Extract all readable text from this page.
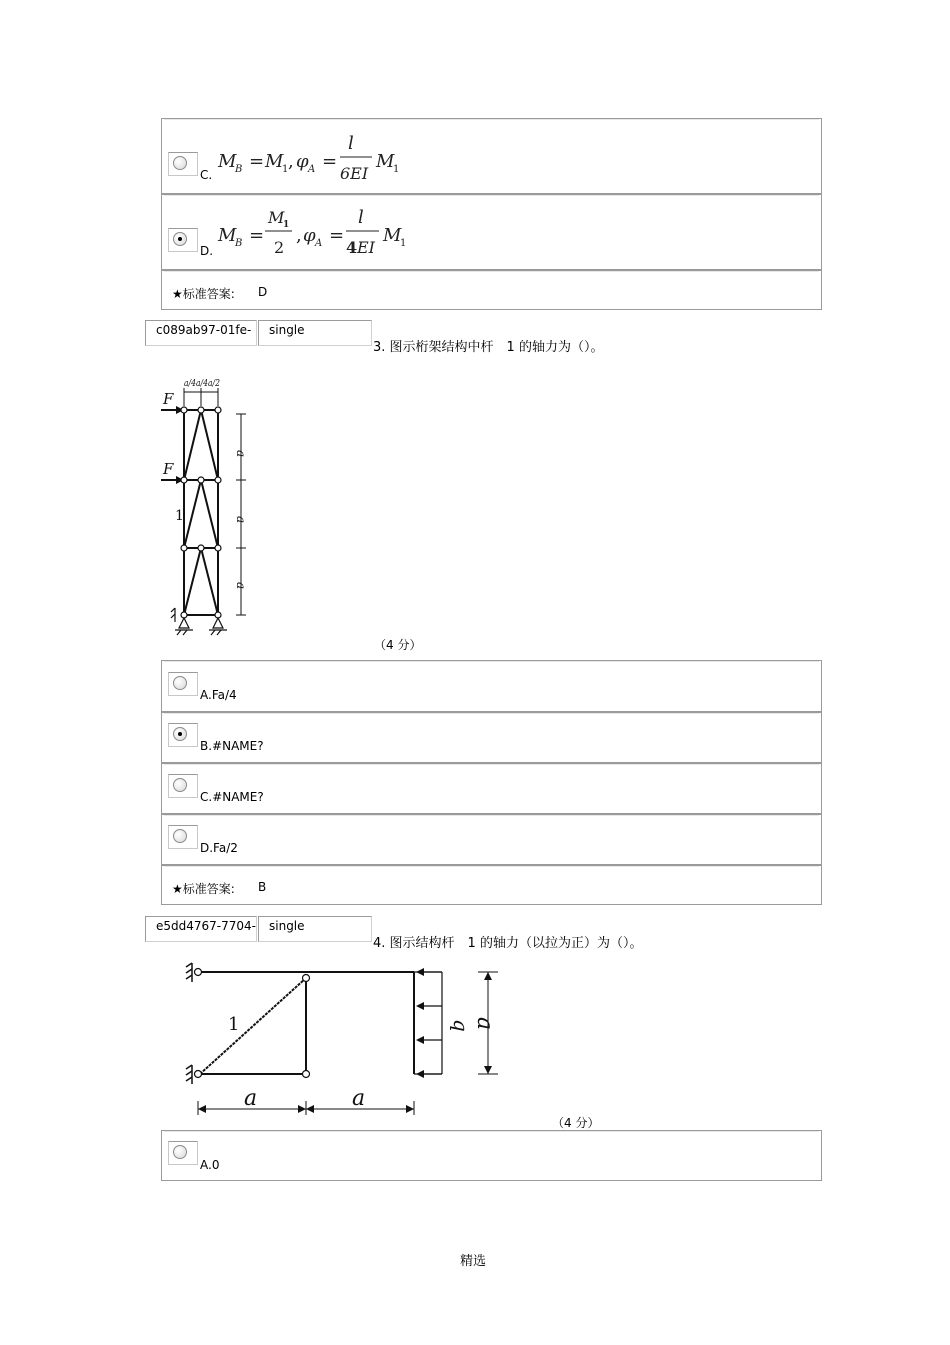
C.
M
B = M
1 , φ A =
l
6EI
M
1
D.
M
B =
M
1
2
, φ A =
l
4 EI
M
1
★标准答案: D
c089ab97-01fe-	single
3. 图示桁架结构中杆　1 的轴力为（）。
F
F
1
a/4a/4a/2
a
a
a
（4 分）
A.Fa/4
B.#NAME?
C.#NAME?
D.Fa/2
★标准答案: B
e5dd4767-7704-	single
4. 图示结构杆　1 的轴力（以拉为正）为（）。
1	q a
a	a
（4 分）
A.0
精选
